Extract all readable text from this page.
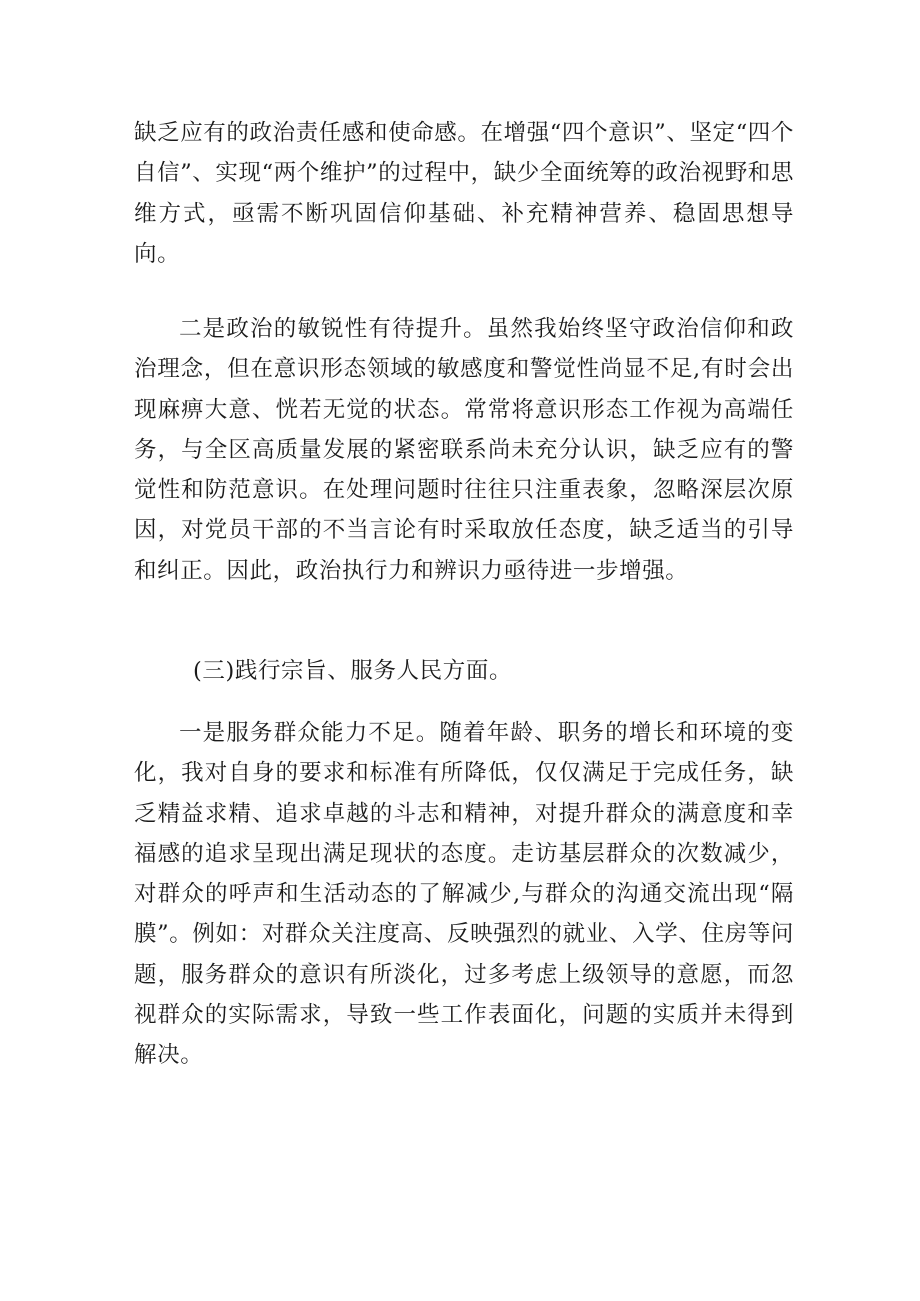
缺乏应有的政治责任感和使命感。在增强“四个意识”、坚定“四个自信”、实现“两个维护”的过程中，缺少全面统筹的政治视野和思维方式，亟需不断巩固信仰基础、补充精神营养、稳固思想导向。

二是政治的敏锐性有待提升。虽然我始终坚守政治信仰和政治理念，但在意识形态领域的敏感度和警觉性尚显不足,有时会出现麻痹大意、恍若无觉的状态。常常将意识形态工作视为高端任务，与全区高质量发展的紧密联系尚未充分认识，缺乏应有的警觉性和防范意识。在处理问题时往往只注重表象，忽略深层次原因，对党员干部的不当言论有时采取放任态度，缺乏适当的引导和纠正。因此，政治执行力和辨识力亟待进一步增强。

(三)践行宗旨、服务人民方面。

一是服务群众能力不足。随着年龄、职务的增长和环境的变化，我对自身的要求和标准有所降低，仅仅满足于完成任务，缺乏精益求精、追求卓越的斗志和精神，对提升群众的满意度和幸福感的追求呈现出满足现状的态度。走访基层群众的次数减少，对群众的呼声和生活动态的了解减少,与群众的沟通交流出现“隔膜”。例如：对群众关注度高、反映强烈的就业、入学、住房等问题，服务群众的意识有所淡化，过多考虑上级领导的意愿，而忽视群众的实际需求，导致一些工作表面化，问题的实质并未得到解决。
